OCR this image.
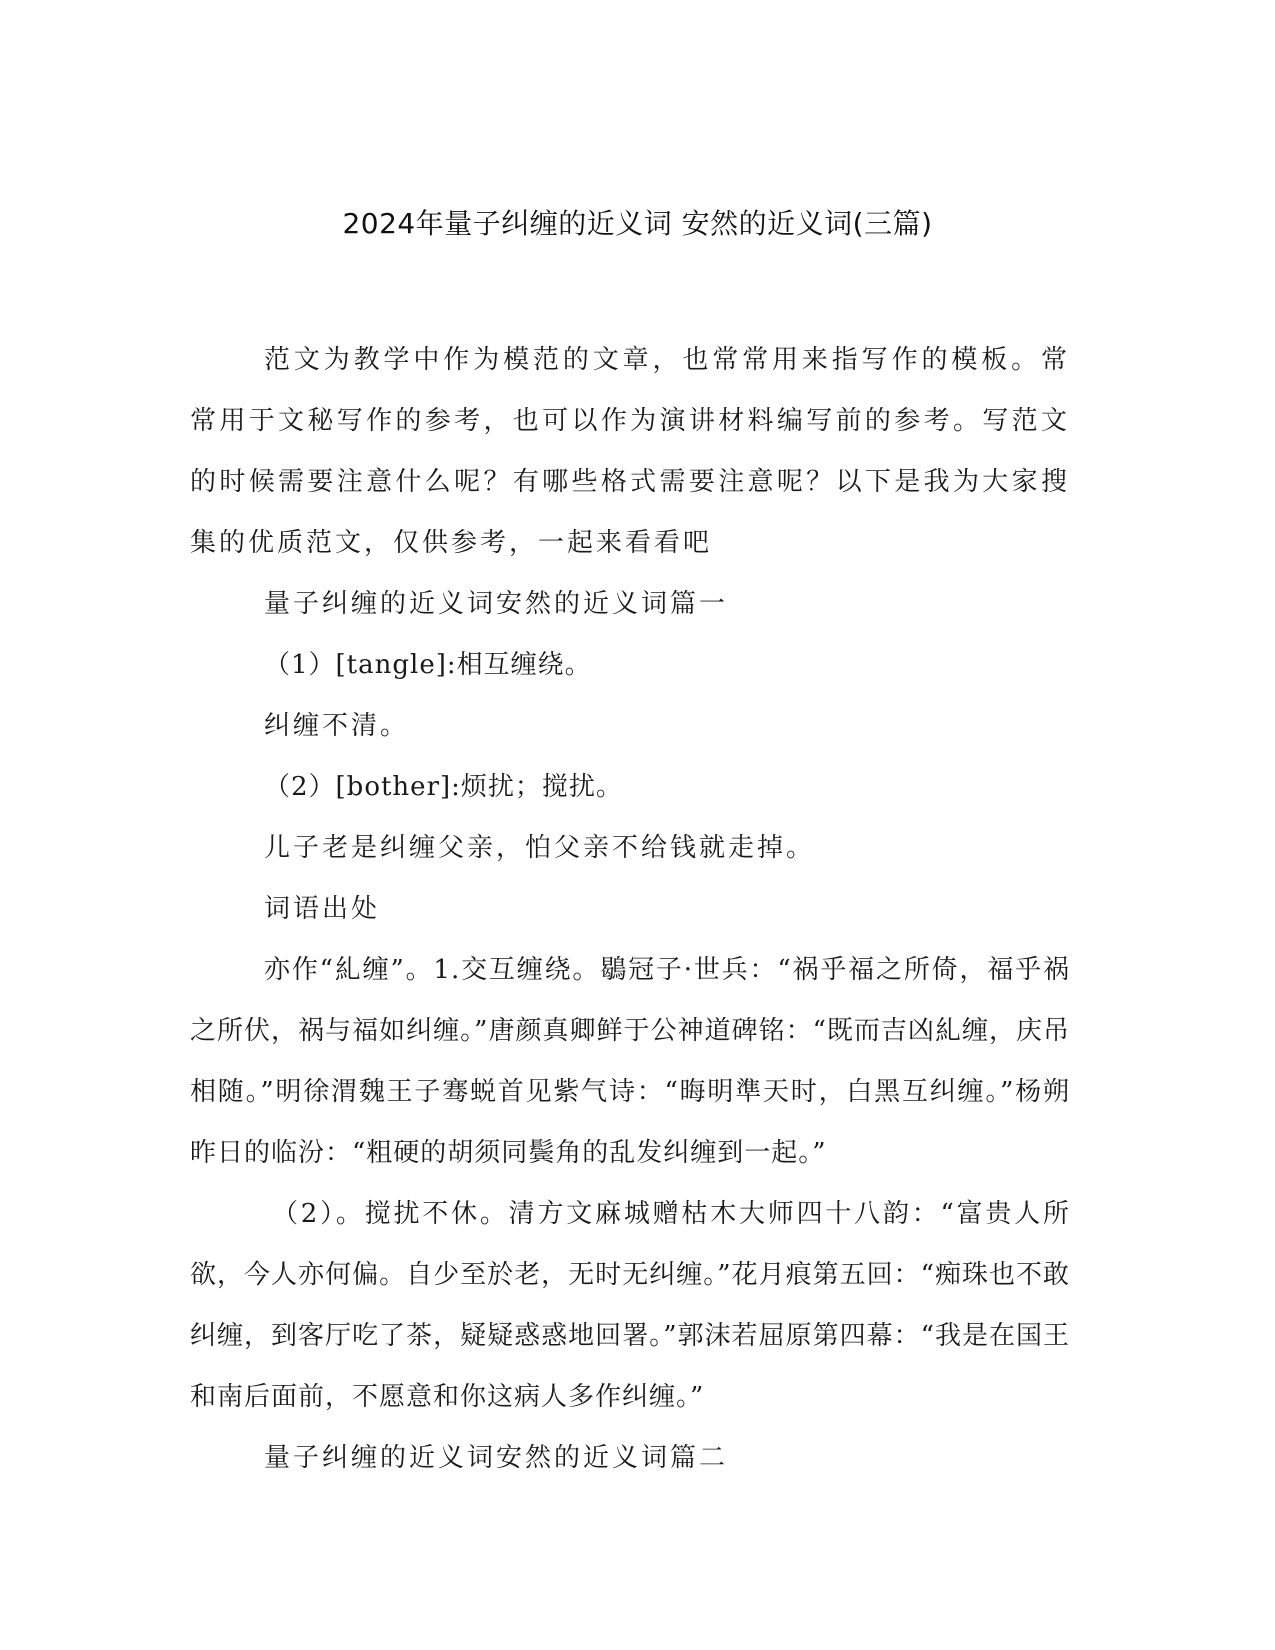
2024年量子纠缠的近义词 安然的近义词(三篇)

范文为教学中作为模范的文章，也常常用来指写作的模板。常常用于文秘写作的参考，也可以作为演讲材料编写前的参考。写范文的时候需要注意什么呢？有哪些格式需要注意呢？以下是我为大家搜集的优质范文，仅供参考，一起来看看吧

量子纠缠的近义词安然的近义词篇一

（1）[tangle]:相互缠绕。

纠缠不清。

（2）[bother]:烦扰；搅扰。

儿子老是纠缠父亲，怕父亲不给钱就走掉。

词语出处

亦作“糺缠”。1.交互缠绕。鶡冠子·世兵：“祸乎福之所倚，福乎祸之所伏，祸与福如纠缠。”唐颜真卿鲜于公神道碑铭：“既而吉凶糺缠，庆吊相随。”明徐渭魏王子骞蜕首见紫气诗：“晦明準天时，白黑互纠缠。”杨朔昨日的临汾：“粗硬的胡须同鬓角的乱发纠缠到一起。”

（2）。搅扰不休。清方文麻城赠枯木大师四十八韵：“富贵人所欲，今人亦何偏。自少至於老，无时无纠缠。”花月痕第五回：“痴珠也不敢纠缠，到客厅吃了茶，疑疑惑惑地回署。”郭沫若屈原第四幕：“我是在国王和南后面前，不愿意和你这病人多作纠缠。”

量子纠缠的近义词安然的近义词篇二
